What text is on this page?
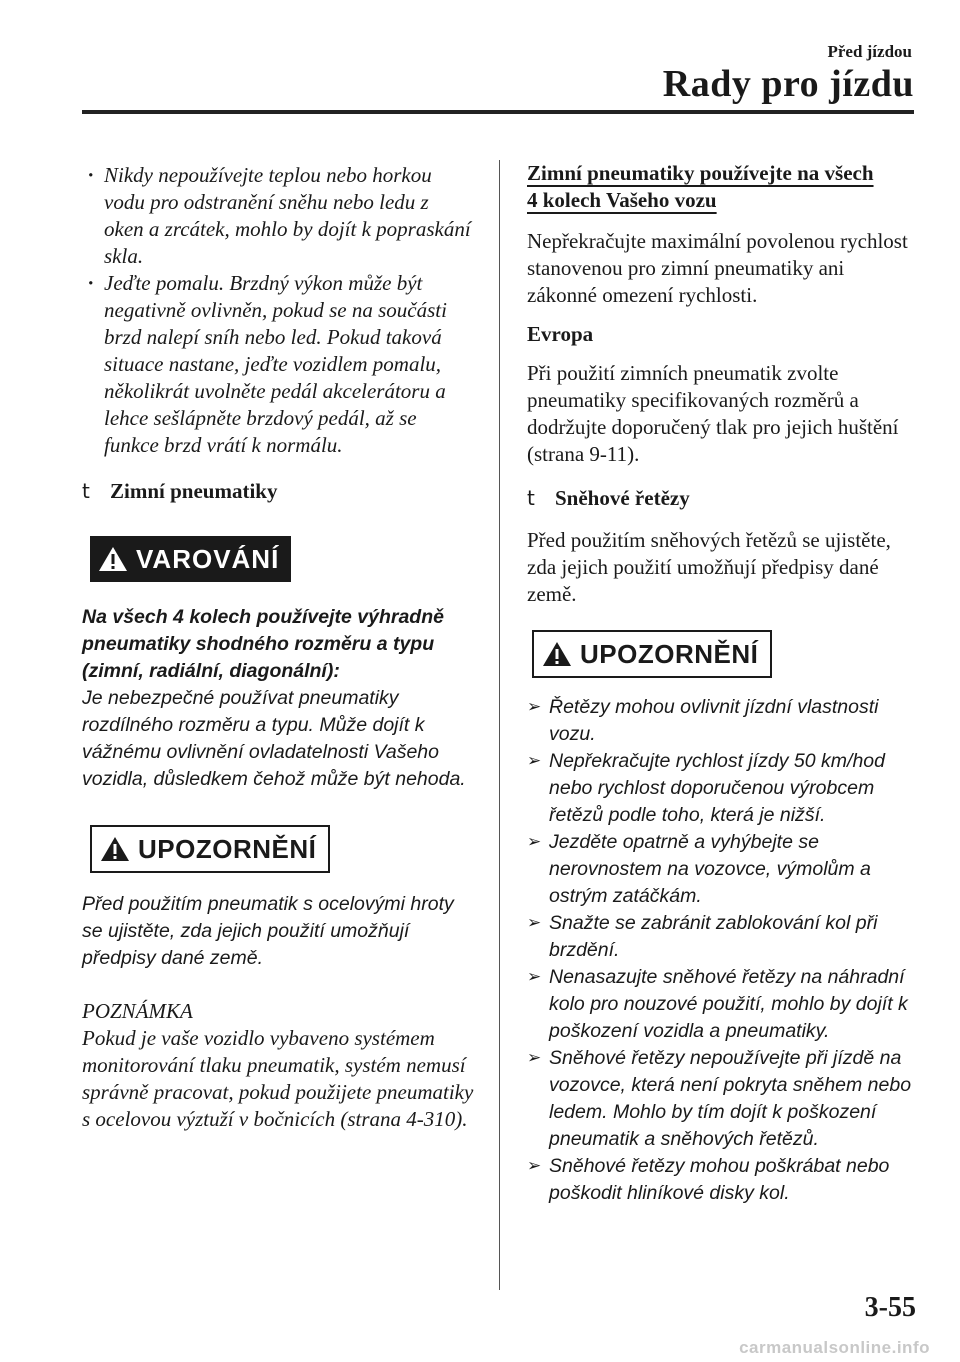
Před jízdou
Rady pro jízdu
· Nikdy nepoužívejte teplou nebo horkou vodu pro odstranění sněhu nebo ledu z oken a zrcátek, mohlo by dojít k popraskání skla.
· Jeďte pomalu. Brzdný výkon může být negativně ovlivněn, pokud se na součásti brzd nalepí sníh nebo led. Pokud taková situace nastane, jeďte vozidlem pomalu, několikrát uvolněte pedál akcelerátoru a lehce sešlápněte brzdový pedál, až se funkce brzd vrátí k normálu.
t Zimní pneumatiky
VAROVÁNÍ
Na všech 4 kolech používejte výhradně pneumatiky shodného rozměru a typu (zimní, radiální, diagonální):
Je nebezpečné používat pneumatiky rozdílného rozměru a typu. Může dojít k vážnému ovlivnění ovladatelnosti Vašeho vozidla, důsledkem čehož může být nehoda.
UPOZORNĚNÍ
Před použitím pneumatik s ocelovými hroty se ujistěte, zda jejich použití umožňují předpisy dané země.
POZNÁMKA
Pokud je vaše vozidlo vybaveno systémem monitorování tlaku pneumatik, systém nemusí správně pracovat, pokud použijete pneumatiky s ocelovou výztuží v bočnicích (strana 4-310).
Zimní pneumatiky používejte na všech
4 kolech Vašeho vozu
Nepřekračujte maximální povolenou rychlost stanovenou pro zimní pneumatiky ani zákonné omezení rychlosti.
Evropa
Při použití zimních pneumatik zvolte pneumatiky specifikovaných rozměrů a dodržujte doporučený tlak pro jejich huštění (strana 9-11).
t Sněhové řetězy
Před použitím sněhových řetězů se ujistěte, zda jejich použití umožňují předpisy dané země.
UPOZORNĚNÍ
➢ Řetězy mohou ovlivnit jízdní vlastnosti vozu.
➢ Nepřekračujte rychlost jízdy 50 km/hod nebo rychlost doporučenou výrobcem řetězů podle toho, která je nižší.
➢ Jezděte opatrně a vyhýbejte se nerovnostem na vozovce, výmolům a ostrým zatáčkám.
➢ Snažte se zabránit zablokování kol při brzdění.
➢ Nenasazujte sněhové řetězy na náhradní kolo pro nouzové použití, mohlo by dojít k poškození vozidla a pneumatiky.
➢ Sněhové řetězy nepoužívejte při jízdě na vozovce, která není pokryta sněhem nebo ledem. Mohlo by tím dojít k poškození pneumatik a sněhových řetězů.
➢ Sněhové řetězy mohou poškrábat nebo poškodit hliníkové disky kol.
3-55
carmanualsonline.info
